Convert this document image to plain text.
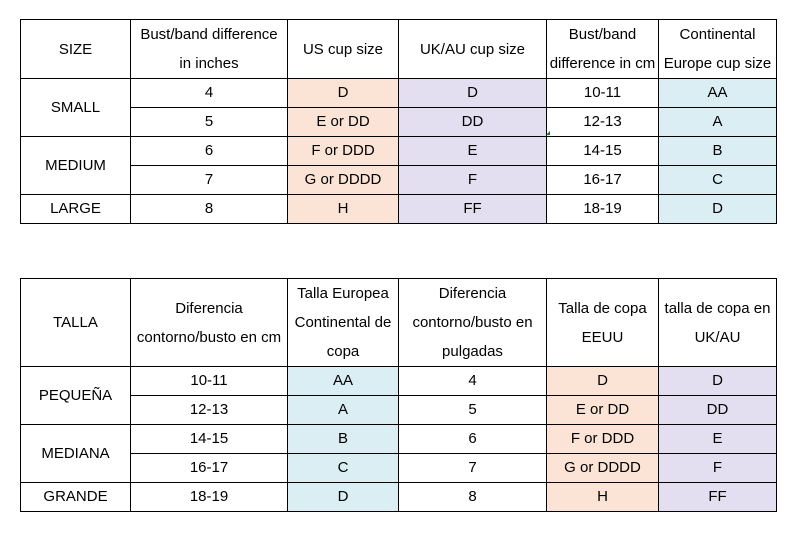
SIZE	Bust/band difference in inches	US cup size	UK/AU cup size	Bust/band difference in cm	Continental Europe cup size
SMALL	4	D	D	10-11	AA
	5	E or DD	DD	12-13	A
MEDIUM	6	F or DDD	E	14-15	B
	7	G or DDDD	F	16-17	C
LARGE	8	H	FF	18-19	D
TALLA	Diferencia contorno/busto en cm	Talla Europea Continental de copa	Diferencia contorno/busto en pulgadas	Talla de copa EEUU	talla de copa en UK/AU
PEQUEÑA	10-11	AA	4	D	D
	12-13	A	5	E or DD	DD
MEDIANA	14-15	B	6	F or DDD	E
	16-17	C	7	G or DDDD	F
GRANDE	18-19	D	8	H	FF
